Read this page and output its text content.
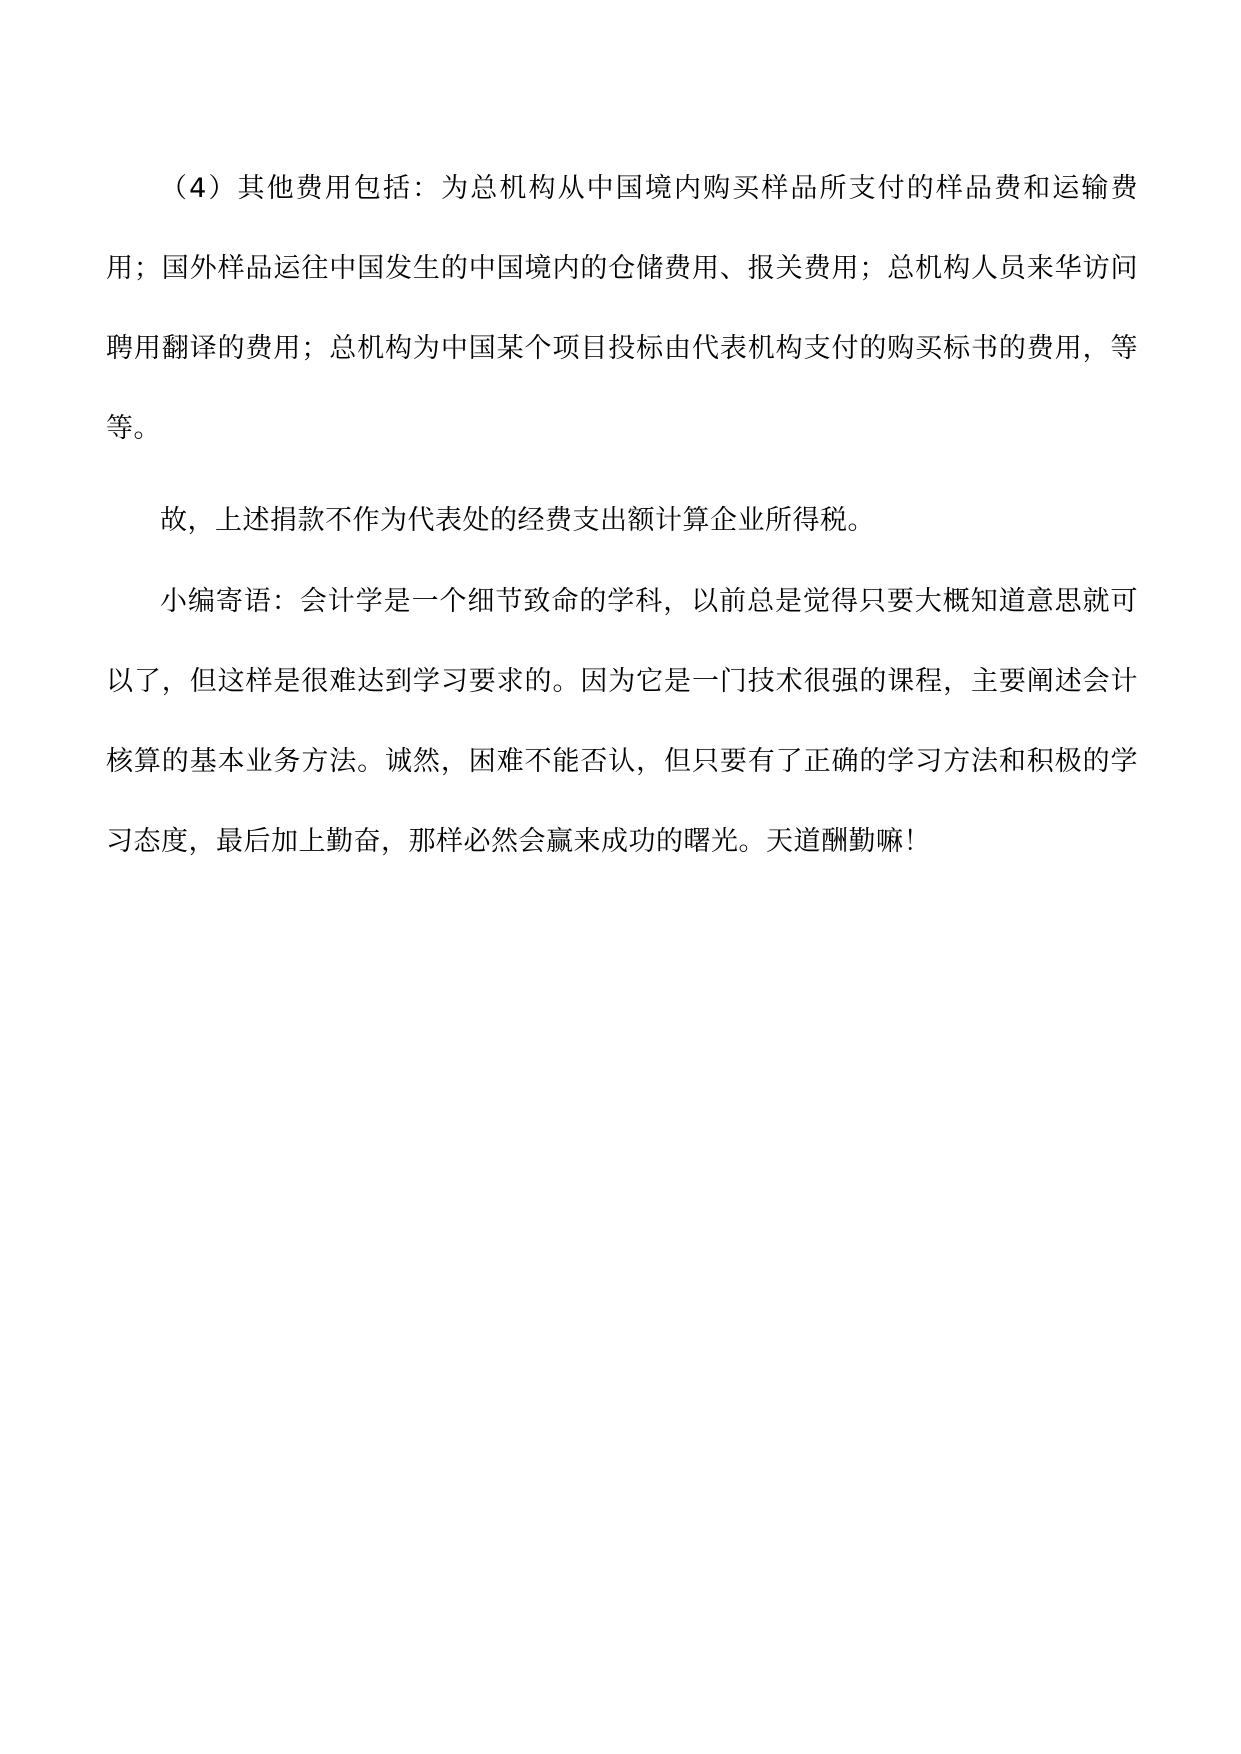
（4）其他费用包括：为总机构从中国境内购买样品所支付的样品费和运输费用；国外样品运往中国发生的中国境内的仓储费用、报关费用；总机构人员来华访问聘用翻译的费用；总机构为中国某个项目投标由代表机构支付的购买标书的费用，等等。

故，上述捐款不作为代表处的经费支出额计算企业所得税。

小编寄语：会计学是一个细节致命的学科，以前总是觉得只要大概知道意思就可以了，但这样是很难达到学习要求的。因为它是一门技术很强的课程，主要阐述会计核算的基本业务方法。诚然，困难不能否认，但只要有了正确的学习方法和积极的学习态度，最后加上勤奋，那样必然会赢来成功的曙光。天道酬勤嘛！
